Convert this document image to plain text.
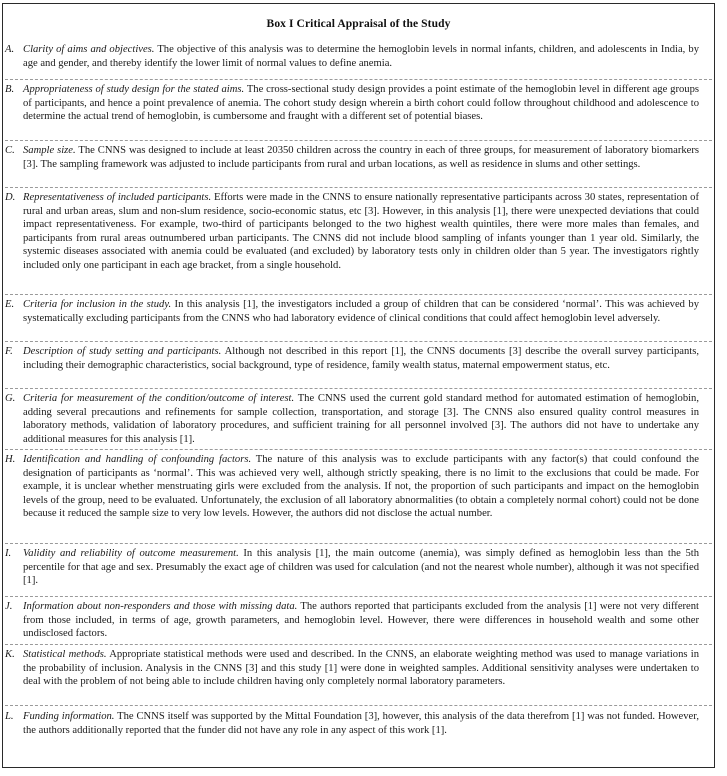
Box I Critical Appraisal of the Study
A. Clarity of aims and objectives. The objective of this analysis was to determine the hemoglobin levels in normal infants, children, and adolescents in India, by age and gender, and thereby identify the lower limit of normal values to define anemia.
B. Appropriateness of study design for the stated aims. The cross-sectional study design provides a point estimate of the hemoglobin level in different age groups of participants, and hence a point prevalence of anemia. The cohort study design wherein a birth cohort could follow throughout childhood and adolescence to determine the actual trend of hemoglobin, is cumbersome and fraught with a different set of potential biases.
C. Sample size. The CNNS was designed to include at least 20350 children across the country in each of three groups, for measurement of laboratory biomarkers [3]. The sampling framework was adjusted to include participants from rural and urban locations, as well as residence in slums and other settings.
D. Representativeness of included participants. Efforts were made in the CNNS to ensure nationally representative participants across 30 states, representation of rural and urban areas, slum and non-slum residence, socio-economic status, etc [3]. However, in this analysis [1], there were unexpected deviations that could impact representativeness. For example, two-third of participants belonged to the two highest wealth quintiles, there were more males than females, and participants from rural areas outnumbered urban participants. The CNNS did not include blood sampling of infants younger than 1 year old. Similarly, the systemic diseases associated with anemia could be evaluated (and excluded) by laboratory tests only in children older than 5 year. The investigators rightly included only one participant in each age bracket, from a single household.
E. Criteria for inclusion in the study. In this analysis [1], the investigators included a group of children that can be considered ‘normal’. This was achieved by systematically excluding participants from the CNNS who had laboratory evidence of clinical conditions that could affect hemoglobin level adversely.
F. Description of study setting and participants. Although not described in this report [1], the CNNS documents [3] describe the overall survey participants, including their demographic characteristics, social background, type of residence, family wealth status, maternal empowerment status, etc.
G. Criteria for measurement of the condition/outcome of interest. The CNNS used the current gold standard method for automated estimation of hemoglobin, adding several precautions and refinements for sample collection, transportation, and storage [3]. The CNNS also ensured quality control measures in laboratory methods, validation of laboratory procedures, and sufficient training for all personnel involved [3]. The authors did not have to undertake any additional measures for this analysis [1].
H. Identification and handling of confounding factors. The nature of this analysis was to exclude participants with any factor(s) that could confound the designation of participants as ‘normal’. This was achieved very well, although strictly speaking, there is no limit to the exclusions that could be made. For example, it is unclear whether menstruating girls were excluded from the analysis. If not, the proportion of such participants and impact on the hemoglobin levels of the group, need to be evaluated. Unfortunately, the exclusion of all laboratory abnormalities (to obtain a completely normal cohort) could not be done because it reduced the sample size to very low levels. However, the authors did not disclose the actual number.
I. Validity and reliability of outcome measurement. In this analysis [1], the main outcome (anemia), was simply defined as hemoglobin less than the 5th percentile for that age and sex. Presumably the exact age of children was used for calculation (and not the nearest whole number), although it was not specified [1].
J. Information about non-responders and those with missing data. The authors reported that participants excluded from the analysis [1] were not very different from those included, in terms of age, growth parameters, and hemoglobin level. However, there were differences in household wealth and some other undisclosed factors.
K. Statistical methods. Appropriate statistical methods were used and described. In the CNNS, an elaborate weighting method was used to manage variations in the probability of inclusion. Analysis in the CNNS [3] and this study [1] were done in weighted samples. Additional sensitivity analyses were undertaken to deal with the problem of not being able to include children having only completely normal laboratory parameters.
L. Funding information. The CNNS itself was supported by the Mittal Foundation [3], however, this analysis of the data therefrom [1] was not funded. However, the authors additionally reported that the funder did not have any role in any aspect of this work [1].
